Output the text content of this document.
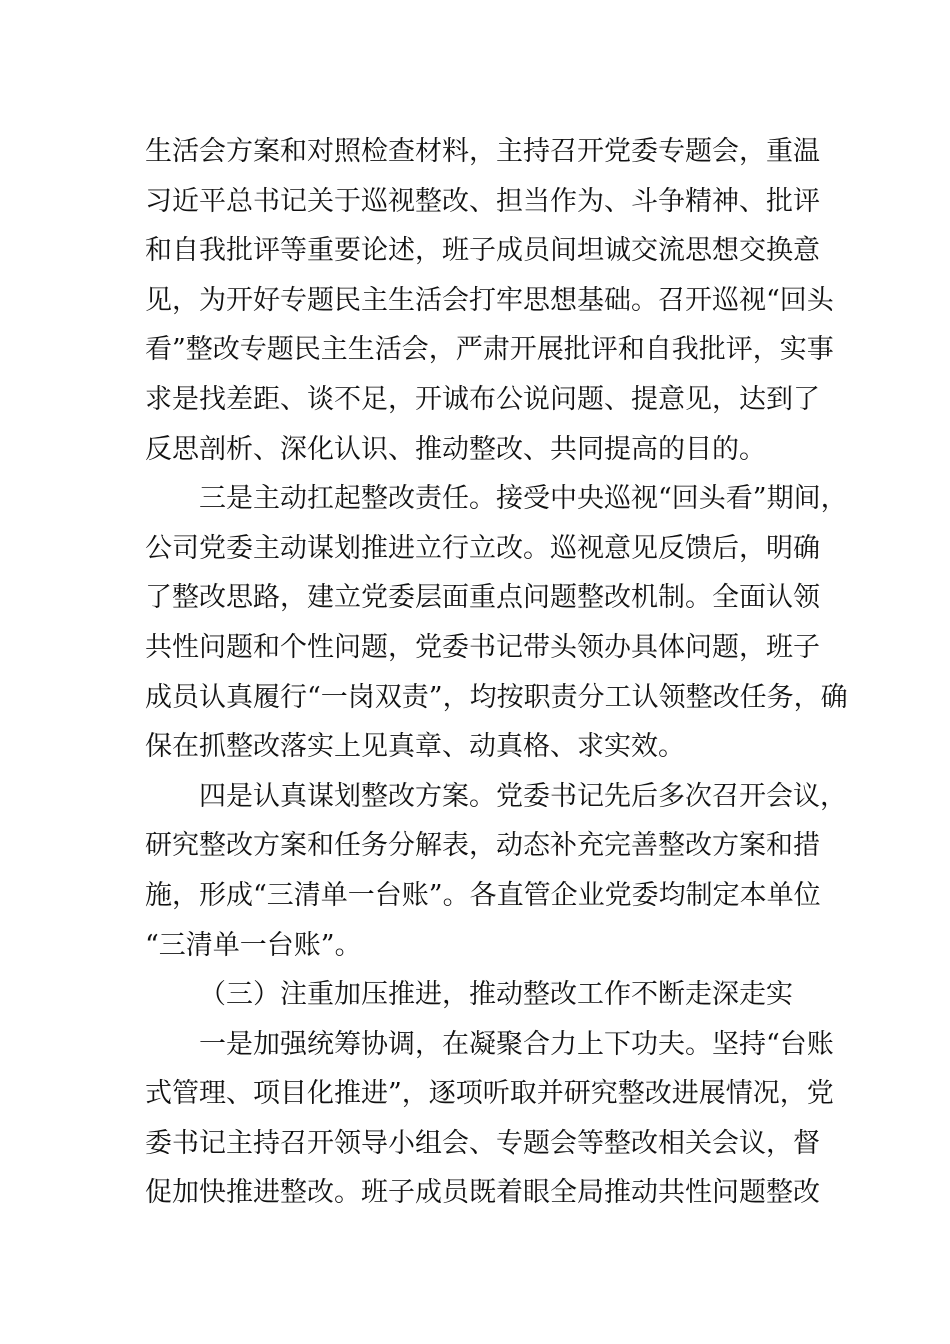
生活会方案和对照检查材料，主持召开党委专题会，重温
习近平总书记关于巡视整改、担当作为、斗争精神、批评
和自我批评等重要论述，班子成员间坦诚交流思想交换意
见，为开好专题民主生活会打牢思想基础。召开巡视“回头
看”整改专题民主生活会，严肃开展批评和自我批评，实事
求是找差距、谈不足，开诚布公说问题、提意见，达到了
反思剖析、深化认识、推动整改、共同提高的目的。
三是主动扛起整改责任。接受中央巡视“回头看”期间，
公司党委主动谋划推进立行立改。巡视意见反馈后，明确
了整改思路，建立党委层面重点问题整改机制。全面认领
共性问题和个性问题，党委书记带头领办具体问题，班子
成员认真履行“一岗双责”，均按职责分工认领整改任务，确
保在抓整改落实上见真章、动真格、求实效。
四是认真谋划整改方案。党委书记先后多次召开会议，
研究整改方案和任务分解表，动态补充完善整改方案和措
施，形成“三清单一台账”。各直管企业党委均制定本单位
“三清单一台账”。
（三）注重加压推进，推动整改工作不断走深走实
一是加强统筹协调，在凝聚合力上下功夫。坚持“台账
式管理、项目化推进”，逐项听取并研究整改进展情况，党
委书记主持召开领导小组会、专题会等整改相关会议，督
促加快推进整改。班子成员既着眼全局推动共性问题整改
